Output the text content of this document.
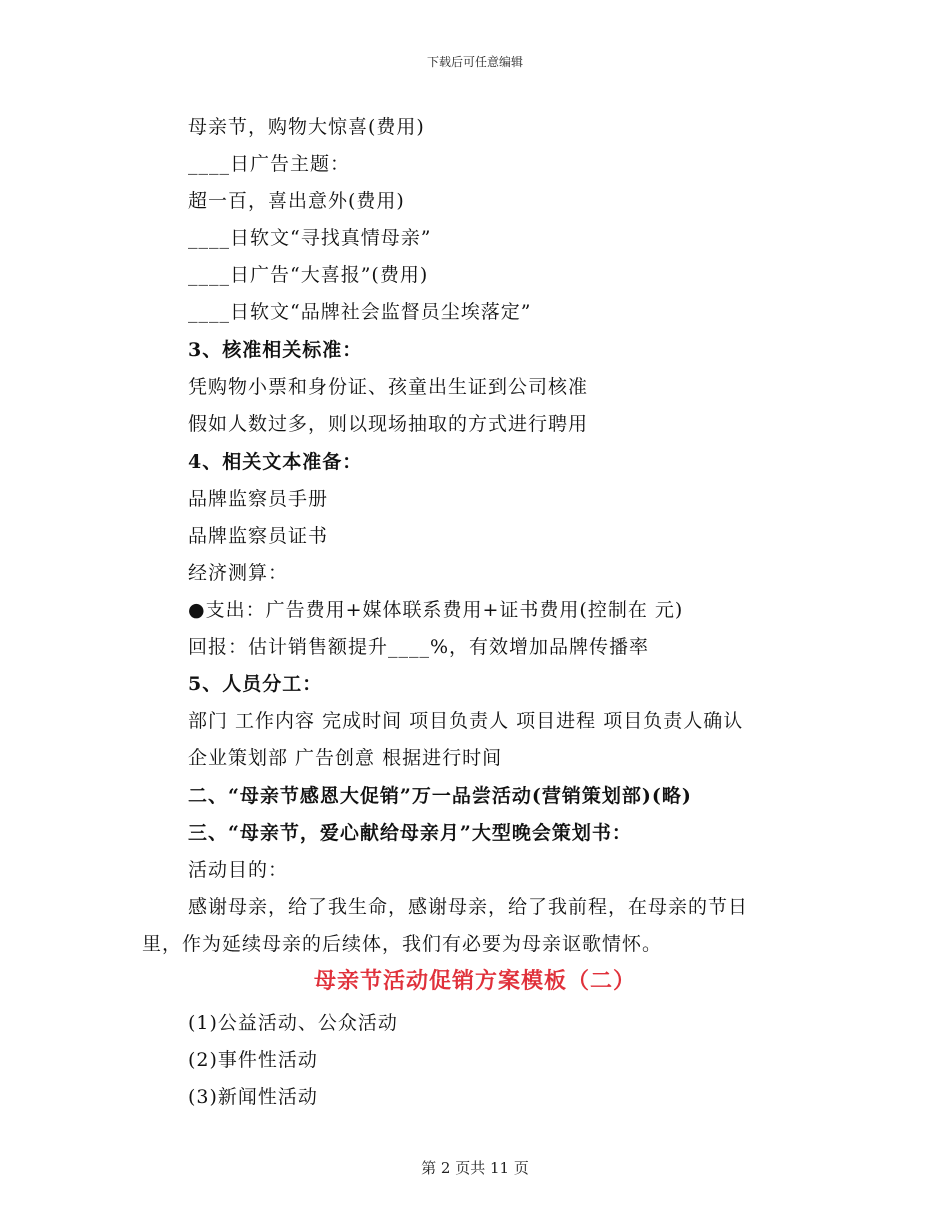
下载后可任意编辑
母亲节，购物大惊喜(费用)
____日广告主题：
超一百，喜出意外(费用)
____日软文“寻找真情母亲”
____日广告“大喜报”(费用)
____日软文“品牌社会监督员尘埃落定”
3、核准相关标准：
凭购物小票和身份证、孩童出生证到公司核准
假如人数过多，则以现场抽取的方式进行聘用
4、相关文本准备：
品牌监察员手册
品牌监察员证书
经济测算：
●支出：广告费用+媒体联系费用+证书费用(控制在 元)
回报：估计销售额提升____%，有效增加品牌传播率
5、人员分工：
部门 工作内容 完成时间 项目负责人 项目进程 项目负责人确认
企业策划部 广告创意 根据进行时间
二、“母亲节感恩大促销”万一品尝活动(营销策划部)(略)
三、“母亲节，爱心献给母亲月”大型晚会策划书：
活动目的：
感谢母亲，给了我生命，感谢母亲，给了我前程，在母亲的节日
里，作为延续母亲的后续体，我们有必要为母亲讴歌情怀。
母亲节活动促销方案模板（二）
(1)公益活动、公众活动
(2)事件性活动
(3)新闻性活动
第 2 页共 11 页
